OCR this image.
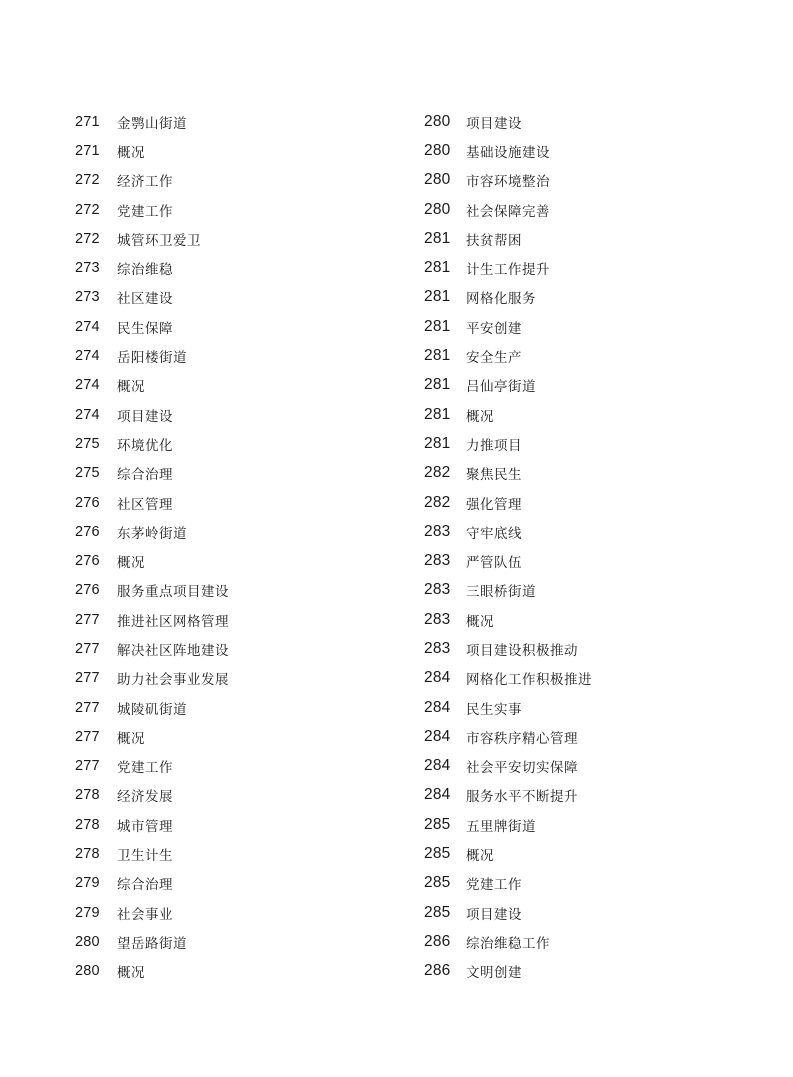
271	金鹗山街道
271	概况
272	经济工作
272	党建工作
272	城管环卫爱卫
273	综治维稳
273	社区建设
274	民生保障
274	岳阳楼街道
274	概况
274	项目建设
275	环境优化
275	综合治理
276	社区管理
276	东茅岭街道
276	概况
276	服务重点项目建设
277	推进社区网格管理
277	解决社区阵地建设
277	助力社会事业发展
277	城陵矶街道
277	概况
277	党建工作
278	经济发展
278	城市管理
278	卫生计生
279	综合治理
279	社会事业
280	望岳路街道
280	概况
280	项目建设
280	基础设施建设
280	市容环境整治
280	社会保障完善
281	扶贫帮困
281	计生工作提升
281	网格化服务
281	平安创建
281	安全生产
281	吕仙亭街道
281	概况
281	力推项目
282	聚焦民生
282	强化管理
283	守牢底线
283	严管队伍
283	三眼桥街道
283	概况
283	项目建设积极推动
284	网格化工作积极推进
284	民生实事
284	市容秩序精心管理
284	社会平安切实保障
284	服务水平不断提升
285	五里牌街道
285	概况
285	党建工作
285	项目建设
286	综治维稳工作
286	文明创建
